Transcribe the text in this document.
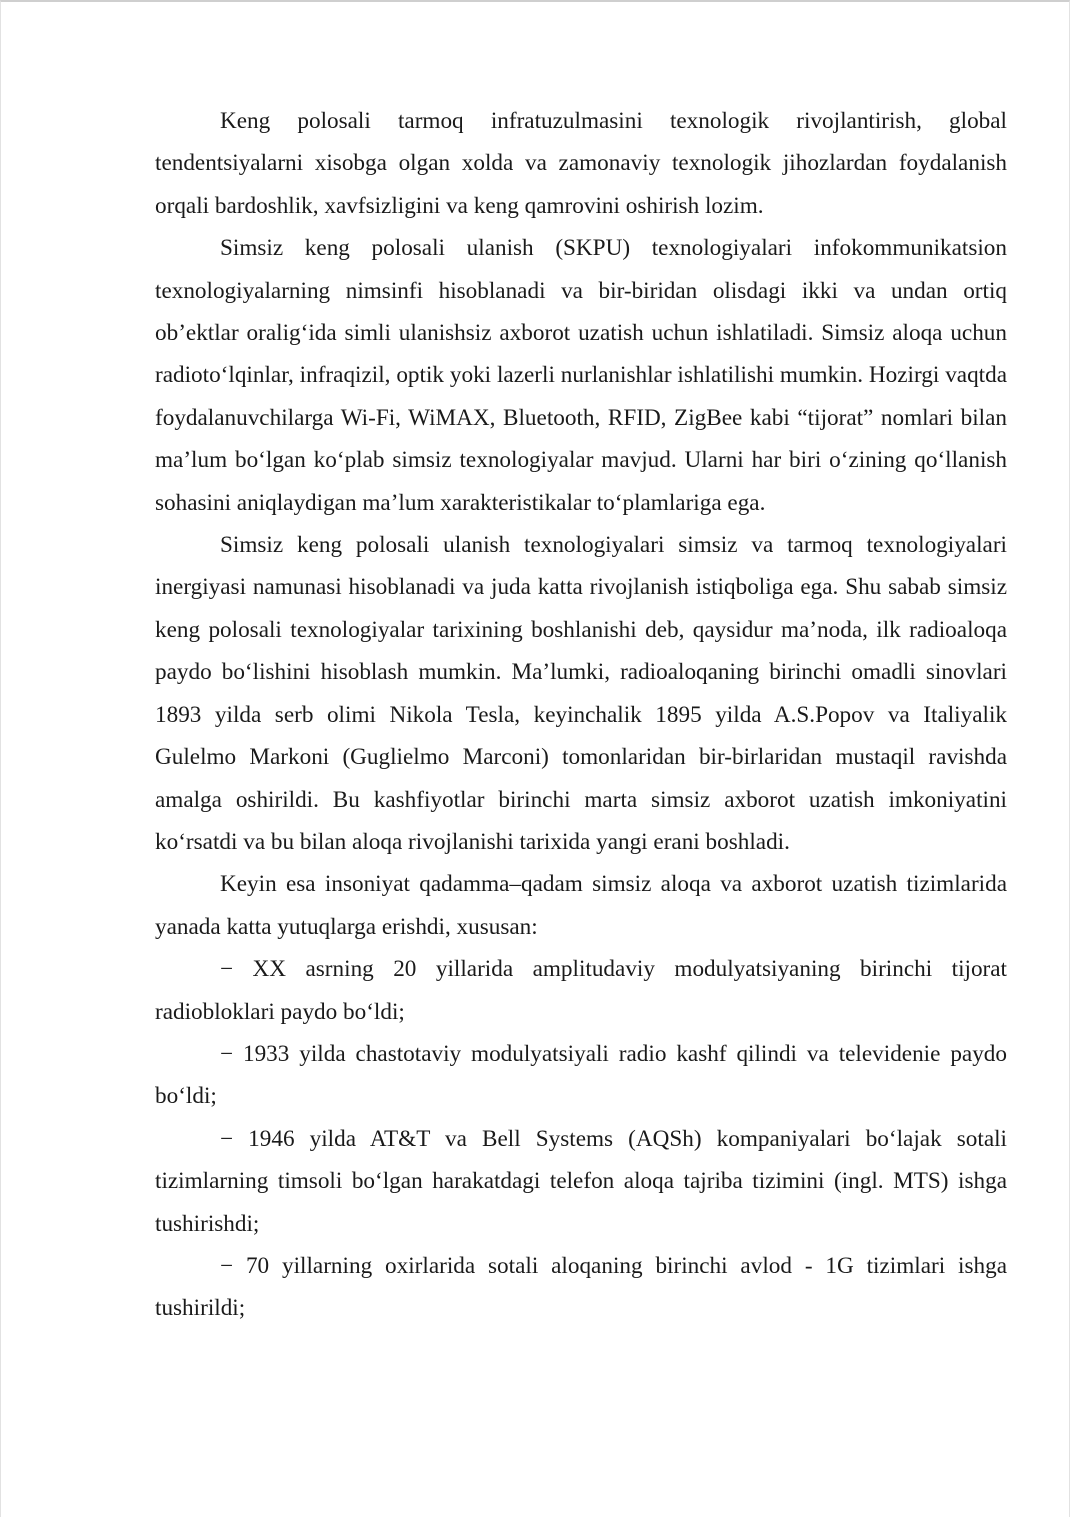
Keng polosali tarmoq infratuzulmasini texnologik rivojlantirish, global tendentsiyalarni xisobga olgan xolda va zamonaviy texnologik jihozlardan foydalanish orqali bardoshlik, xavfsizligini va keng qamrovini oshirish lozim.

Simsiz keng polosali ulanish (SKPU) texnologiyalari infokommunikatsion texnologiyalarning nimsinfi hisoblanadi va bir-biridan olisdagi ikki va undan ortiq ob’ektlar oralig‘ida simli ulanishsiz axborot uzatish uchun ishlatiladi. Simsiz aloqa uchun radioto‘lqinlar, infraqizil, optik yoki lazerli nurlanishlar ishlatilishi mumkin. Hozirgi vaqtda foydalanuvchilarga Wi-Fi, WiMAX, Bluetooth, RFID, ZigBee kabi “tijorat” nomlari bilan ma’lum bo‘lgan ko‘plab simsiz texnologiyalar mavjud. Ularni har biri o‘zining qo‘llanish sohasini aniqlaydigan ma’lum xarakteristikalar to‘plamlariga ega.

Simsiz keng polosali ulanish texnologiyalari simsiz va tarmoq texnologiyalari inergiyasi namunasi hisoblanadi va juda katta rivojlanish istiqboliga ega. Shu sabab simsiz keng polosali texnologiyalar tarixining boshlanishi deb, qaysidur ma’noda, ilk radioaloqa paydo bo‘lishini hisoblash mumkin. Ma’lumki, radioaloqaning birinchi omadli sinovlari 1893 yilda serb olimi Nikola Tesla, keyinchalik 1895 yilda A.S.Popov va Italiyalik Gulelmo Markoni (Guglielmo Marconi) tomonlaridan bir-birlaridan mustaqil ravishda amalga oshirildi. Bu kashfiyotlar birinchi marta simsiz axborot uzatish imkoniyatini ko‘rsatdi va bu bilan aloqa rivojlanishi tarixida yangi erani boshladi.

Keyin esa insoniyat qadamma–qadam simsiz aloqa va axborot uzatish tizimlarida yanada katta yutuqlarga erishdi, xususan:

− XX asrning 20 yillarida amplitudaviy modulyatsiyaning birinchi tijorat radiobloklari paydo bo‘ldi;

− 1933 yilda chastotaviy modulyatsiyali radio kashf qilindi va televidenie paydo bo‘ldi;

− 1946 yilda AT&T va Bell Systems (AQSh) kompaniyalari bo‘lajak sotali tizimlarning timsoli bo‘lgan harakatdagi telefon aloqa tajriba tizimini (ingl. MTS) ishga tushirishdi;

− 70 yillarning oxirlarida sotali aloqaning birinchi avlod - 1G tizimlari ishga tushirildi;
